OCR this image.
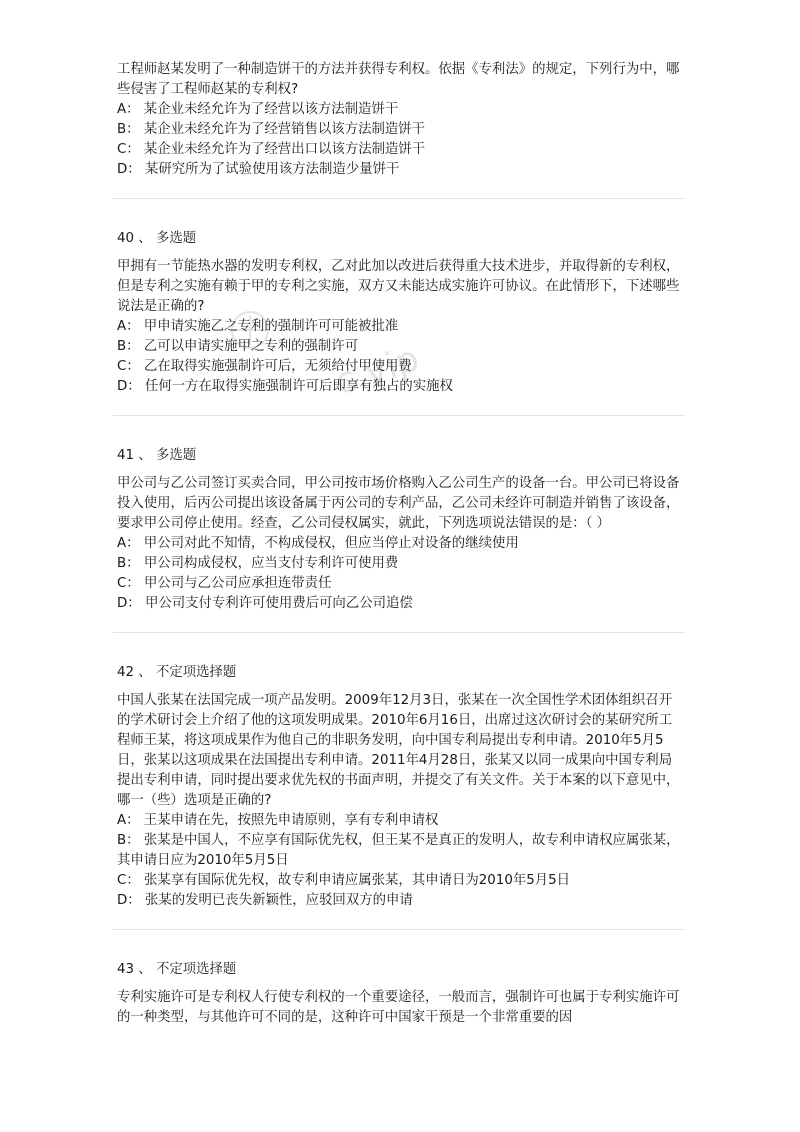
c.vip

工程师赵某发明了一种制造饼干的方法并获得专利权。依据《专利法》的规定，下列行为中，哪些侵害了工程师赵某的专利权?

A： 某企业未经允许为了经营以该方法制造饼干

B： 某企业未经允许为了经营销售以该方法制造饼干

C： 某企业未经允许为了经营出口以该方法制造饼干

D： 某研究所为了试验使用该方法制造少量饼干

40 、 多选题

甲拥有一节能热水器的发明专利权，乙对此加以改进后获得重大技术进步，并取得新的专利权，但是专利之实施有赖于甲的专利之实施，双方又未能达成实施许可协议。在此情形下，下述哪些说法是正确的?

A： 甲申请实施乙之专利的强制许可可能被批准

B： 乙可以申请实施甲之专利的强制许可

C： 乙在取得实施强制许可后，无须给付甲使用费

D： 任何一方在取得实施强制许可后即享有独占的实施权

41 、 多选题

甲公司与乙公司签订买卖合同，甲公司按市场价格购入乙公司生产的设备一台。甲公司已将设备投入使用，后丙公司提出该设备属于丙公司的专利产品，乙公司未经许可制造并销售了该设备，要求甲公司停止使用。经查，乙公司侵权属实，就此，下列选项说法错误的是：（ ）

A： 甲公司对此不知情，不构成侵权，但应当停止对设备的继续使用

B： 甲公司构成侵权，应当支付专利许可使用费

C： 甲公司与乙公司应承担连带责任

D： 甲公司支付专利许可使用费后可向乙公司追偿

42 、 不定项选择题

中国人张某在法国完成一项产品发明。2009年12月3日，张某在一次全国性学术团体组织召开的学术研讨会上介绍了他的这项发明成果。2010年6月16日，出席过这次研讨会的某研究所工程师王某，将这项成果作为他自己的非职务发明，向中国专利局提出专利申请。2010年5月5日，张某以这项成果在法国提出专利申请。2011年4月28日，张某又以同一成果向中国专利局提出专利申请，同时提出要求优先权的书面声明，并提交了有关文件。关于本案的以下意见中，哪一（些）选项是正确的?

A： 王某申请在先，按照先申请原则，享有专利申请权

B： 张某是中国人，不应享有国际优先权，但王某不是真正的发明人，故专利申请权应属张某，其申请日应为2010年5月5日

C： 张某享有国际优先权，故专利申请应属张某，其申请日为2010年5月5日

D： 张某的发明已丧失新颖性，应驳回双方的申请

43 、 不定项选择题

专利实施许可是专利权人行使专利权的一个重要途径，一般而言，强制许可也属于专利实施许可的一种类型，与其他许可不同的是，这种许可中国家干预是一个非常重要的因
